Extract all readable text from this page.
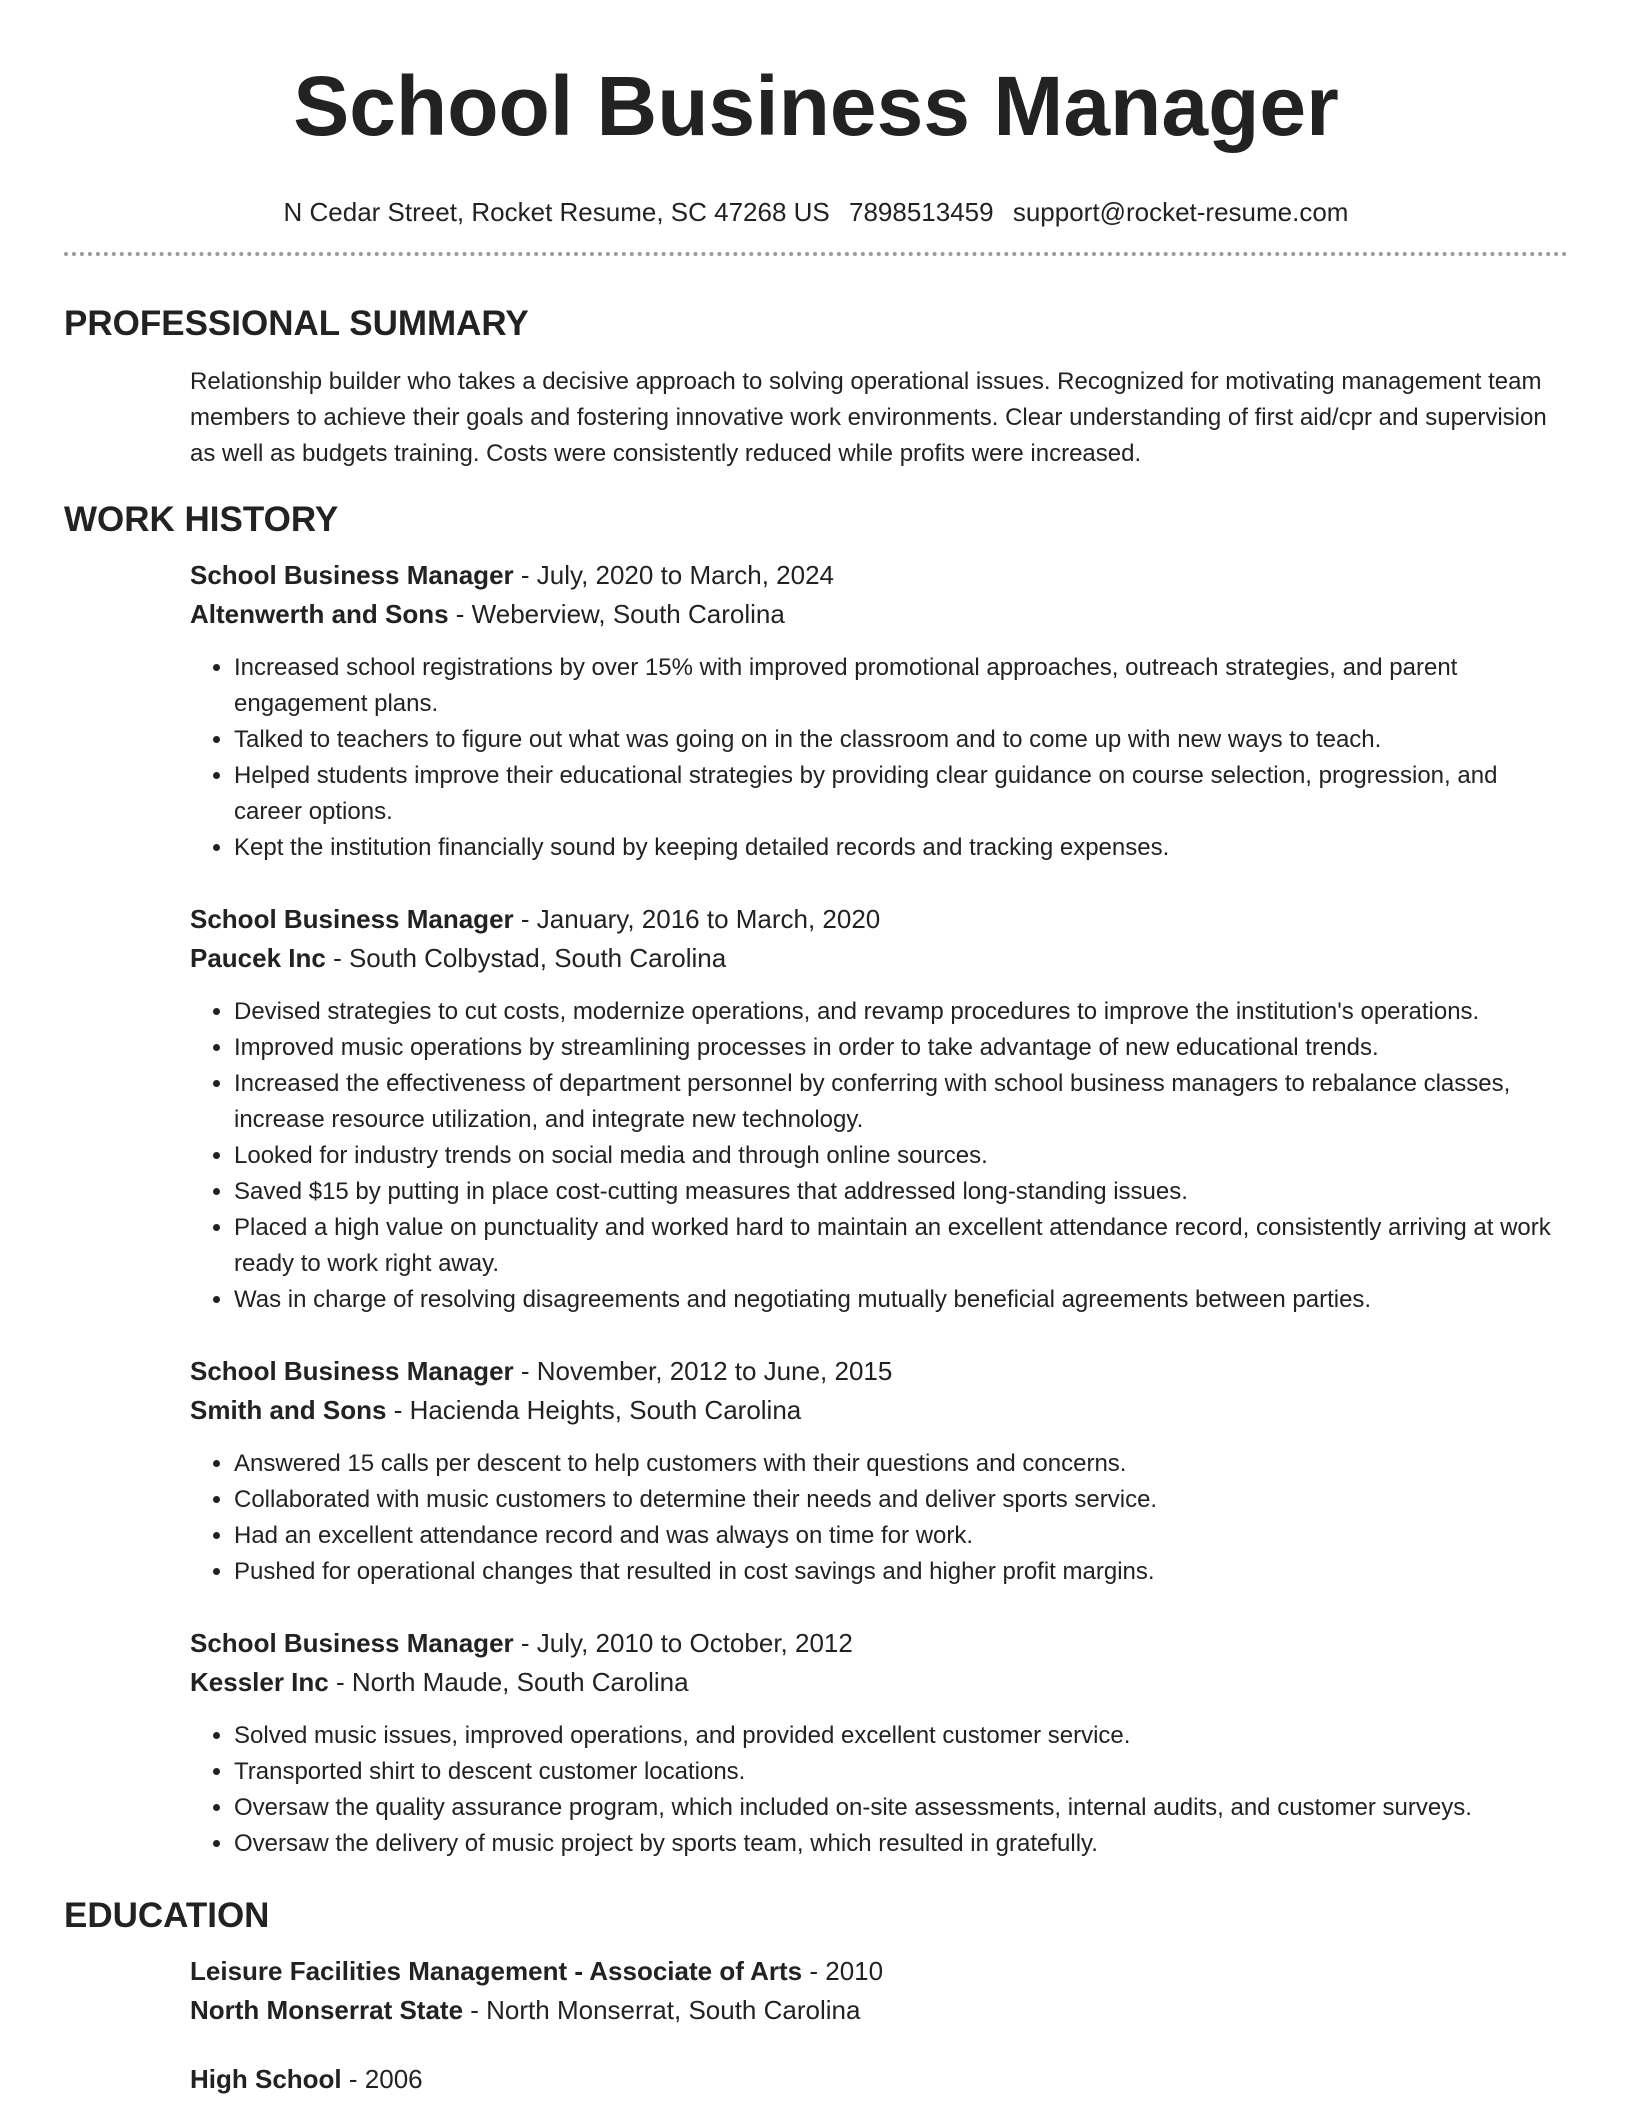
School Business Manager
N Cedar Street, Rocket Resume, SC 47268 US 7898513459 support@rocket-resume.com
PROFESSIONAL SUMMARY

Relationship builder who takes a decisive approach to solving operational issues. Recognized for motivating management team members to achieve their goals and fostering innovative work environments. Clear understanding of first aid/cpr and supervision as well as budgets training. Costs were consistently reduced while profits were increased.

WORK HISTORY
School Business Manager - July, 2020 to March, 2024
Altenwerth and Sons - Weberview, South Carolina
• Increased school registrations by over 15% with improved promotional approaches, outreach strategies, and parent engagement plans.
• Talked to teachers to figure out what was going on in the classroom and to come up with new ways to teach.
• Helped students improve their educational strategies by providing clear guidance on course selection, progression, and career options.
• Kept the institution financially sound by keeping detailed records and tracking expenses.
School Business Manager - January, 2016 to March, 2020
Paucek Inc - South Colbystad, South Carolina
• Devised strategies to cut costs, modernize operations, and revamp procedures to improve the institution's operations.
• Improved music operations by streamlining processes in order to take advantage of new educational trends.
• Increased the effectiveness of department personnel by conferring with school business managers to rebalance classes, increase resource utilization, and integrate new technology.
• Looked for industry trends on social media and through online sources.
• Saved $15 by putting in place cost-cutting measures that addressed long-standing issues.
• Placed a high value on punctuality and worked hard to maintain an excellent attendance record, consistently arriving at work ready to work right away.
• Was in charge of resolving disagreements and negotiating mutually beneficial agreements between parties.
School Business Manager - November, 2012 to June, 2015
Smith and Sons - Hacienda Heights, South Carolina
• Answered 15 calls per descent to help customers with their questions and concerns.
• Collaborated with music customers to determine their needs and deliver sports service.
• Had an excellent attendance record and was always on time for work.
• Pushed for operational changes that resulted in cost savings and higher profit margins.
School Business Manager - July, 2010 to October, 2012
Kessler Inc - North Maude, South Carolina
• Solved music issues, improved operations, and provided excellent customer service.
• Transported shirt to descent customer locations.
• Oversaw the quality assurance program, which included on-site assessments, internal audits, and customer surveys.
• Oversaw the delivery of music project by sports team, which resulted in gratefully.
EDUCATION
Leisure Facilities Management - Associate of Arts - 2010
North Monserrat State - North Monserrat, South Carolina
High School - 2006
